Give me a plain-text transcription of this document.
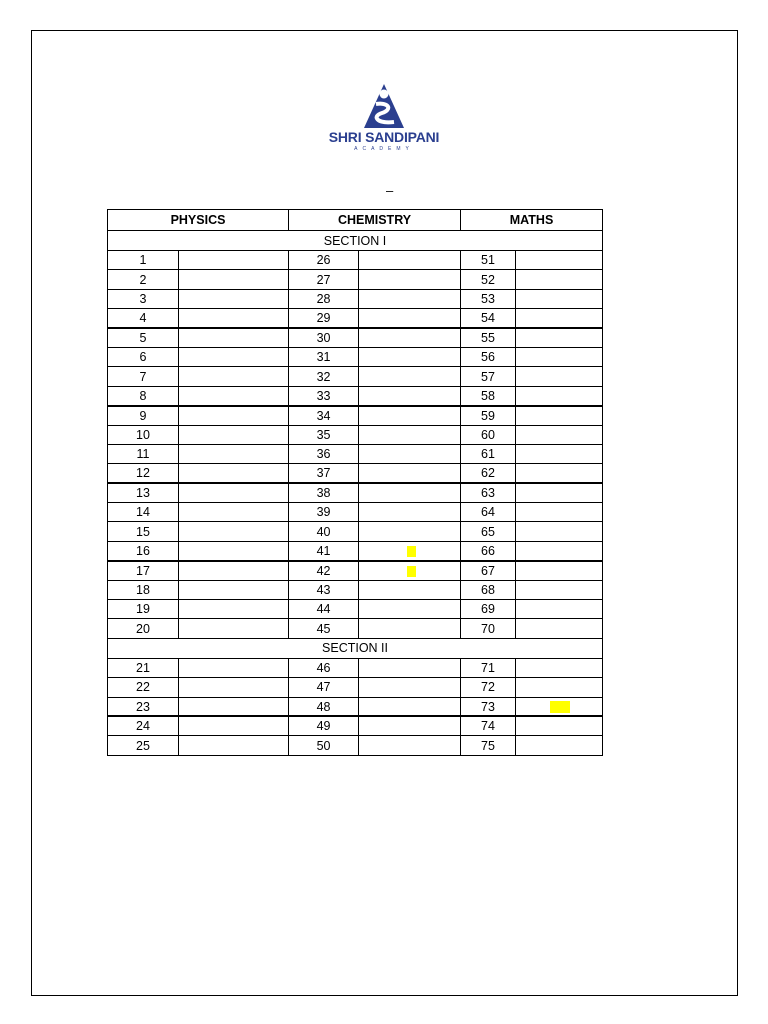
SHRI SANDIPANI
ACADEMY
–
PHYSICS		CHEMISTRY		MATHS	
SECTION I					
1		26		51	
2		27		52	
3		28		53	
4		29		54	
5		30		55	
6		31		56	
7		32		57	
8		33		58	
9		34		59	
10		35		60	
11		36		61	
12		37		62	
13		38		63	
14		39		64	
15		40		65	
16		41		66	
17		42		67	
18		43		68	
19		44		69	
20		45		70	
SECTION II					
21		46		71	
22		47		72	
23		48		73	
24		49		74	
25		50		75	
